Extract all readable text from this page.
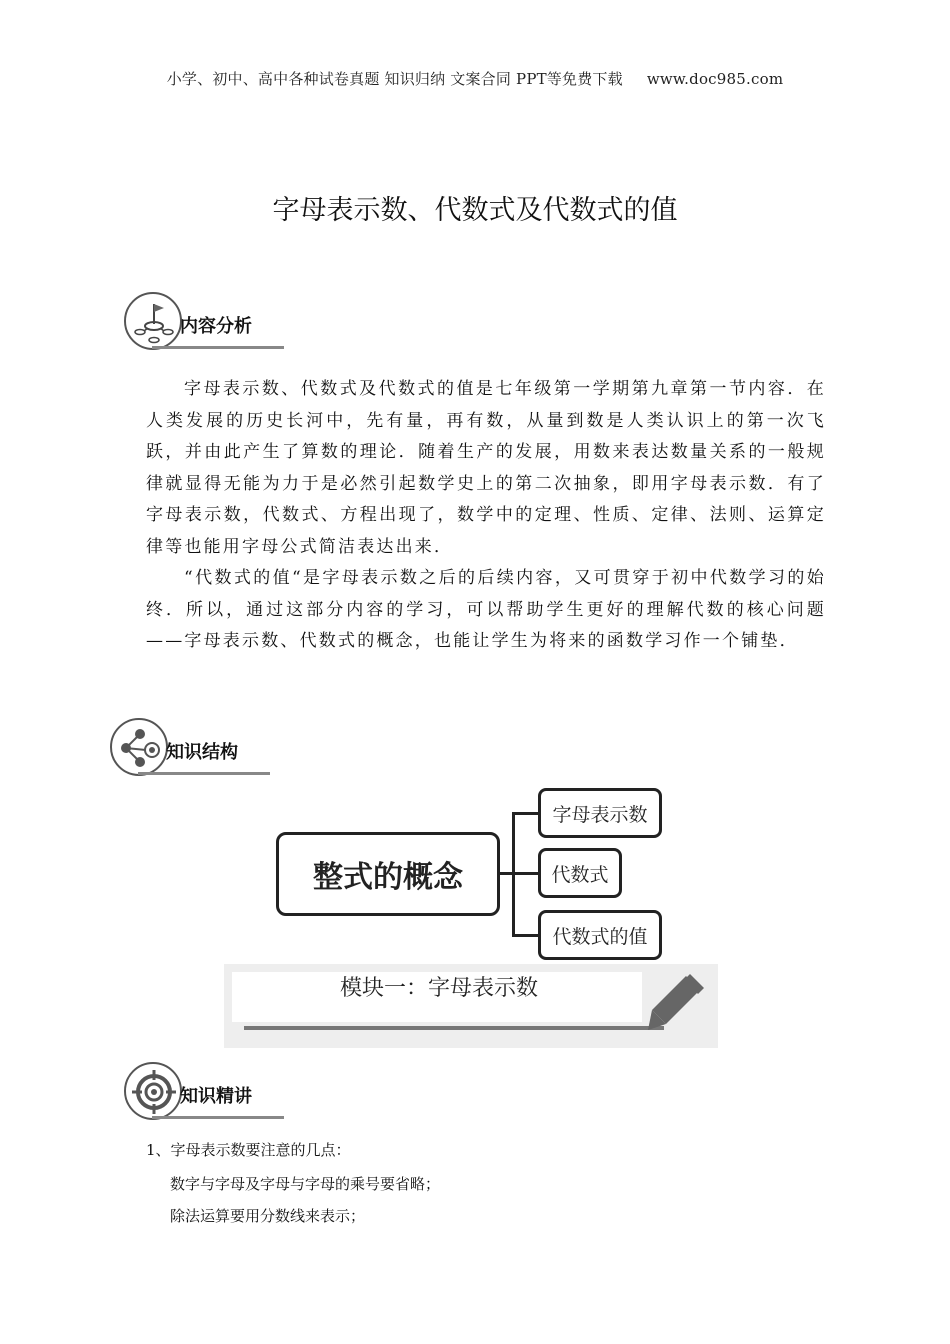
小学、初中、高中各种试卷真题 知识归纳 文案合同 PPT等免费下载 www.doc985.com
字母表示数、代数式及代数式的值
内容分析

字母表示数、代数式及代数式的值是七年级第一学期第九章第一节内容．在人类发展的历史长河中，先有量，再有数，从量到数是人类认识上的第一次飞跃，并由此产生了算数的理论．随着生产的发展，用数来表达数量关系的一般规律就显得无能为力于是必然引起数学史上的第二次抽象，即用字母表示数．有了字母表示数，代数式、方程出现了，数学中的定理、性质、定律、法则、运算定律等也能用字母公式简洁表达出来．

“代数式的值“是字母表示数之后的后续内容，又可贯穿于初中代数学习的始终．所以，通过这部分内容的学习，可以帮助学生更好的理解代数的核心问题——字母表示数、代数式的概念，也能让学生为将来的函数学习作一个铺垫．

知识结构
整式的概念
字母表示数
代数式
代数式的值
模块一：字母表示数
知识精讲
1、字母表示数要注意的几点：
数字与字母及字母与字母的乘号要省略；
除法运算要用分数线来表示；
